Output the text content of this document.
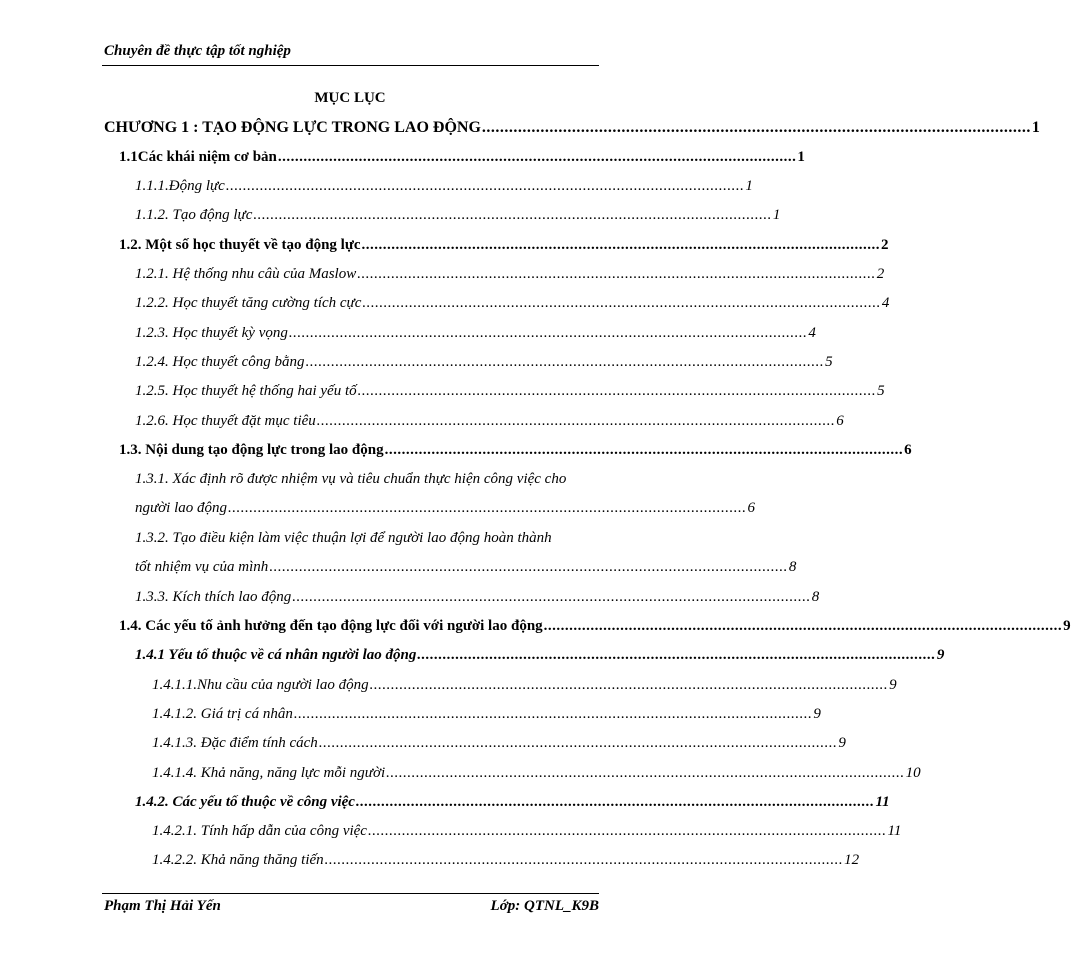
Chuyên đề thực tập tốt nghiệp
MỤC LỤC
CHƯƠNG 1 : TẠO ĐỘNG LỰC TRONG LAO ĐỘNG .......................................................................................................................... 1
1.1Các khái niệm cơ bản .......................................................................................................................... 1
1.1.1.Động lực .......................................................................................................................... 1
1.1.2. Tạo động lực .......................................................................................................................... 1
1.2. Một số học thuyết về tạo động lực .......................................................................................................................... 2
1.2.1. Hệ thống nhu câù của Maslow .......................................................................................................................... 2
1.2.2. Học thuyết tăng cường tích cực .......................................................................................................................... 4
1.2.3. Học thuyết kỳ vọng .......................................................................................................................... 4
1.2.4. Học thuyết công bằng .......................................................................................................................... 5
1.2.5. Học thuyết hệ thống hai yếu tố .......................................................................................................................... 5
1.2.6. Học thuyết đặt mục tiêu .......................................................................................................................... 6
1.3. Nội dung tạo động lực trong lao động .......................................................................................................................... 6
1.3.1. Xác định rõ được nhiệm vụ và tiêu chuẩn thực hiện công việc cho
người lao động .......................................................................................................................... 6
1.3.2. Tạo điều kiện làm việc thuận lợi để người lao động hoàn thành
tốt nhiệm vụ của mình .......................................................................................................................... 8
1.3.3. Kích thích lao động .......................................................................................................................... 8
1.4. Các yếu tố ảnh hưởng đến tạo động lực đối với người lao động .......................................................................................................................... 9
1.4.1 Yếu tố thuộc về cá nhân người lao động .......................................................................................................................... 9
1.4.1.1.Nhu cầu của người lao động .......................................................................................................................... 9
1.4.1.2. Giá trị cá nhân .......................................................................................................................... 9
1.4.1.3. Đặc điểm tính cách .......................................................................................................................... 9
1.4.1.4. Khả năng, năng lực mỗi người .......................................................................................................................... 10
1.4.2. Các yếu tố thuộc về công việc .......................................................................................................................... 11
1.4.2.1. Tính hấp dẫn của công việc .......................................................................................................................... 11
1.4.2.2. Khả năng thăng tiến .......................................................................................................................... 12
Phạm Thị Hải Yến	Lớp: QTNL_K9B
